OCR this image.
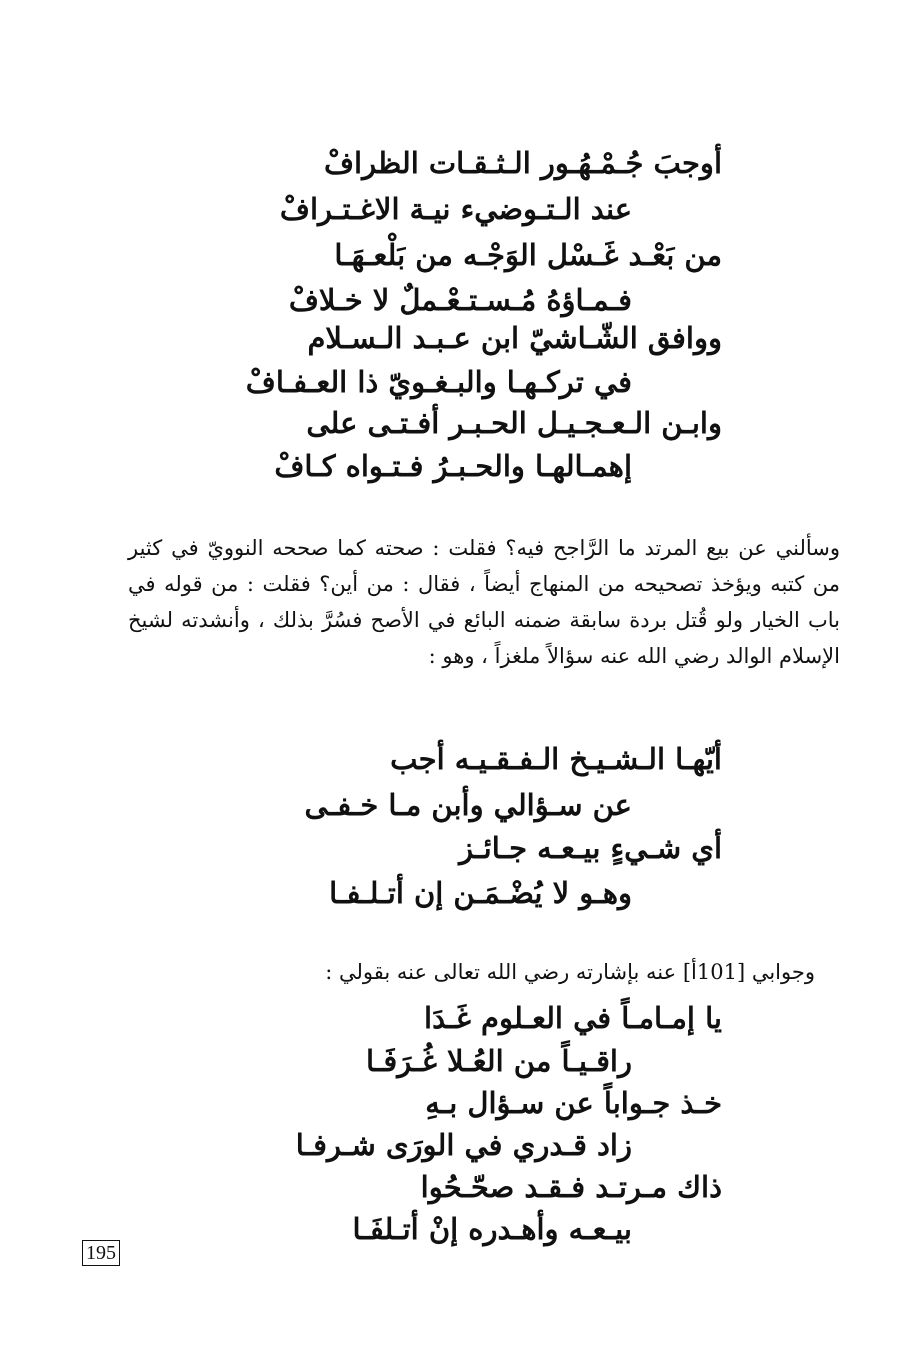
أوجبَ جُـمْـهُـور الـثـقـات الظرافْ
عند الـتـوضيء نيـة الاغـتـرافْ
من بَعْـد غَـسْل الوَجْـه من بَلْعـهَـا
فـمـاؤهُ مُـسـتـعْـملٌ لا خـلافْ
ووافق الشّـاشيّ ابن عـبـد الـسـلام
في تركـهـا والبـغـويّ ذا العـفـافْ
وابـن الـعـجـيـل الحـبـر أفـتـى على
إهمـالهـا والحـبـرُ فـتـواه كـافْ
وسألني عن بيع المرتد ما الرَّاجح فيه؟ فقلت : صحته كما صححه النوويّ في كثير من كتبه ويؤخذ تصحيحه من المنهاج أيضاً ، فقال : من أين؟ فقلت : من قوله في باب الخيار ولو قُتل بردة سابقة ضمنه البائع في الأصح فسُرَّ بذلك ، وأنشدته لشيخ الإسلام الوالد رضي الله عنه سؤالاً ملغزاً ، وهو :
أيّهـا الـشـيـخ الـفـقـيـه أجب
عن سـؤالي وأبن مـا خـفـى
أي شـيءٍ بيـعـه جـائـز
وهـو لا يُضْـمَـن إن أتـلـفـا
وجوابي [101أ] عنه بإشارته رضي الله تعالى عنه بقولي :
يا إمـامـاً في العـلوم غَـدَا
راقـيـاً من العُـلا غُـرَفَـا
خـذ جـواباً عن سـؤال بـهِ
زاد قـدري في الورَى شـرفـا
ذاك مـرتـد فـقـد صحّـحُوا
بيـعـه وأهـدره إنْ أتـلفَـا
195
